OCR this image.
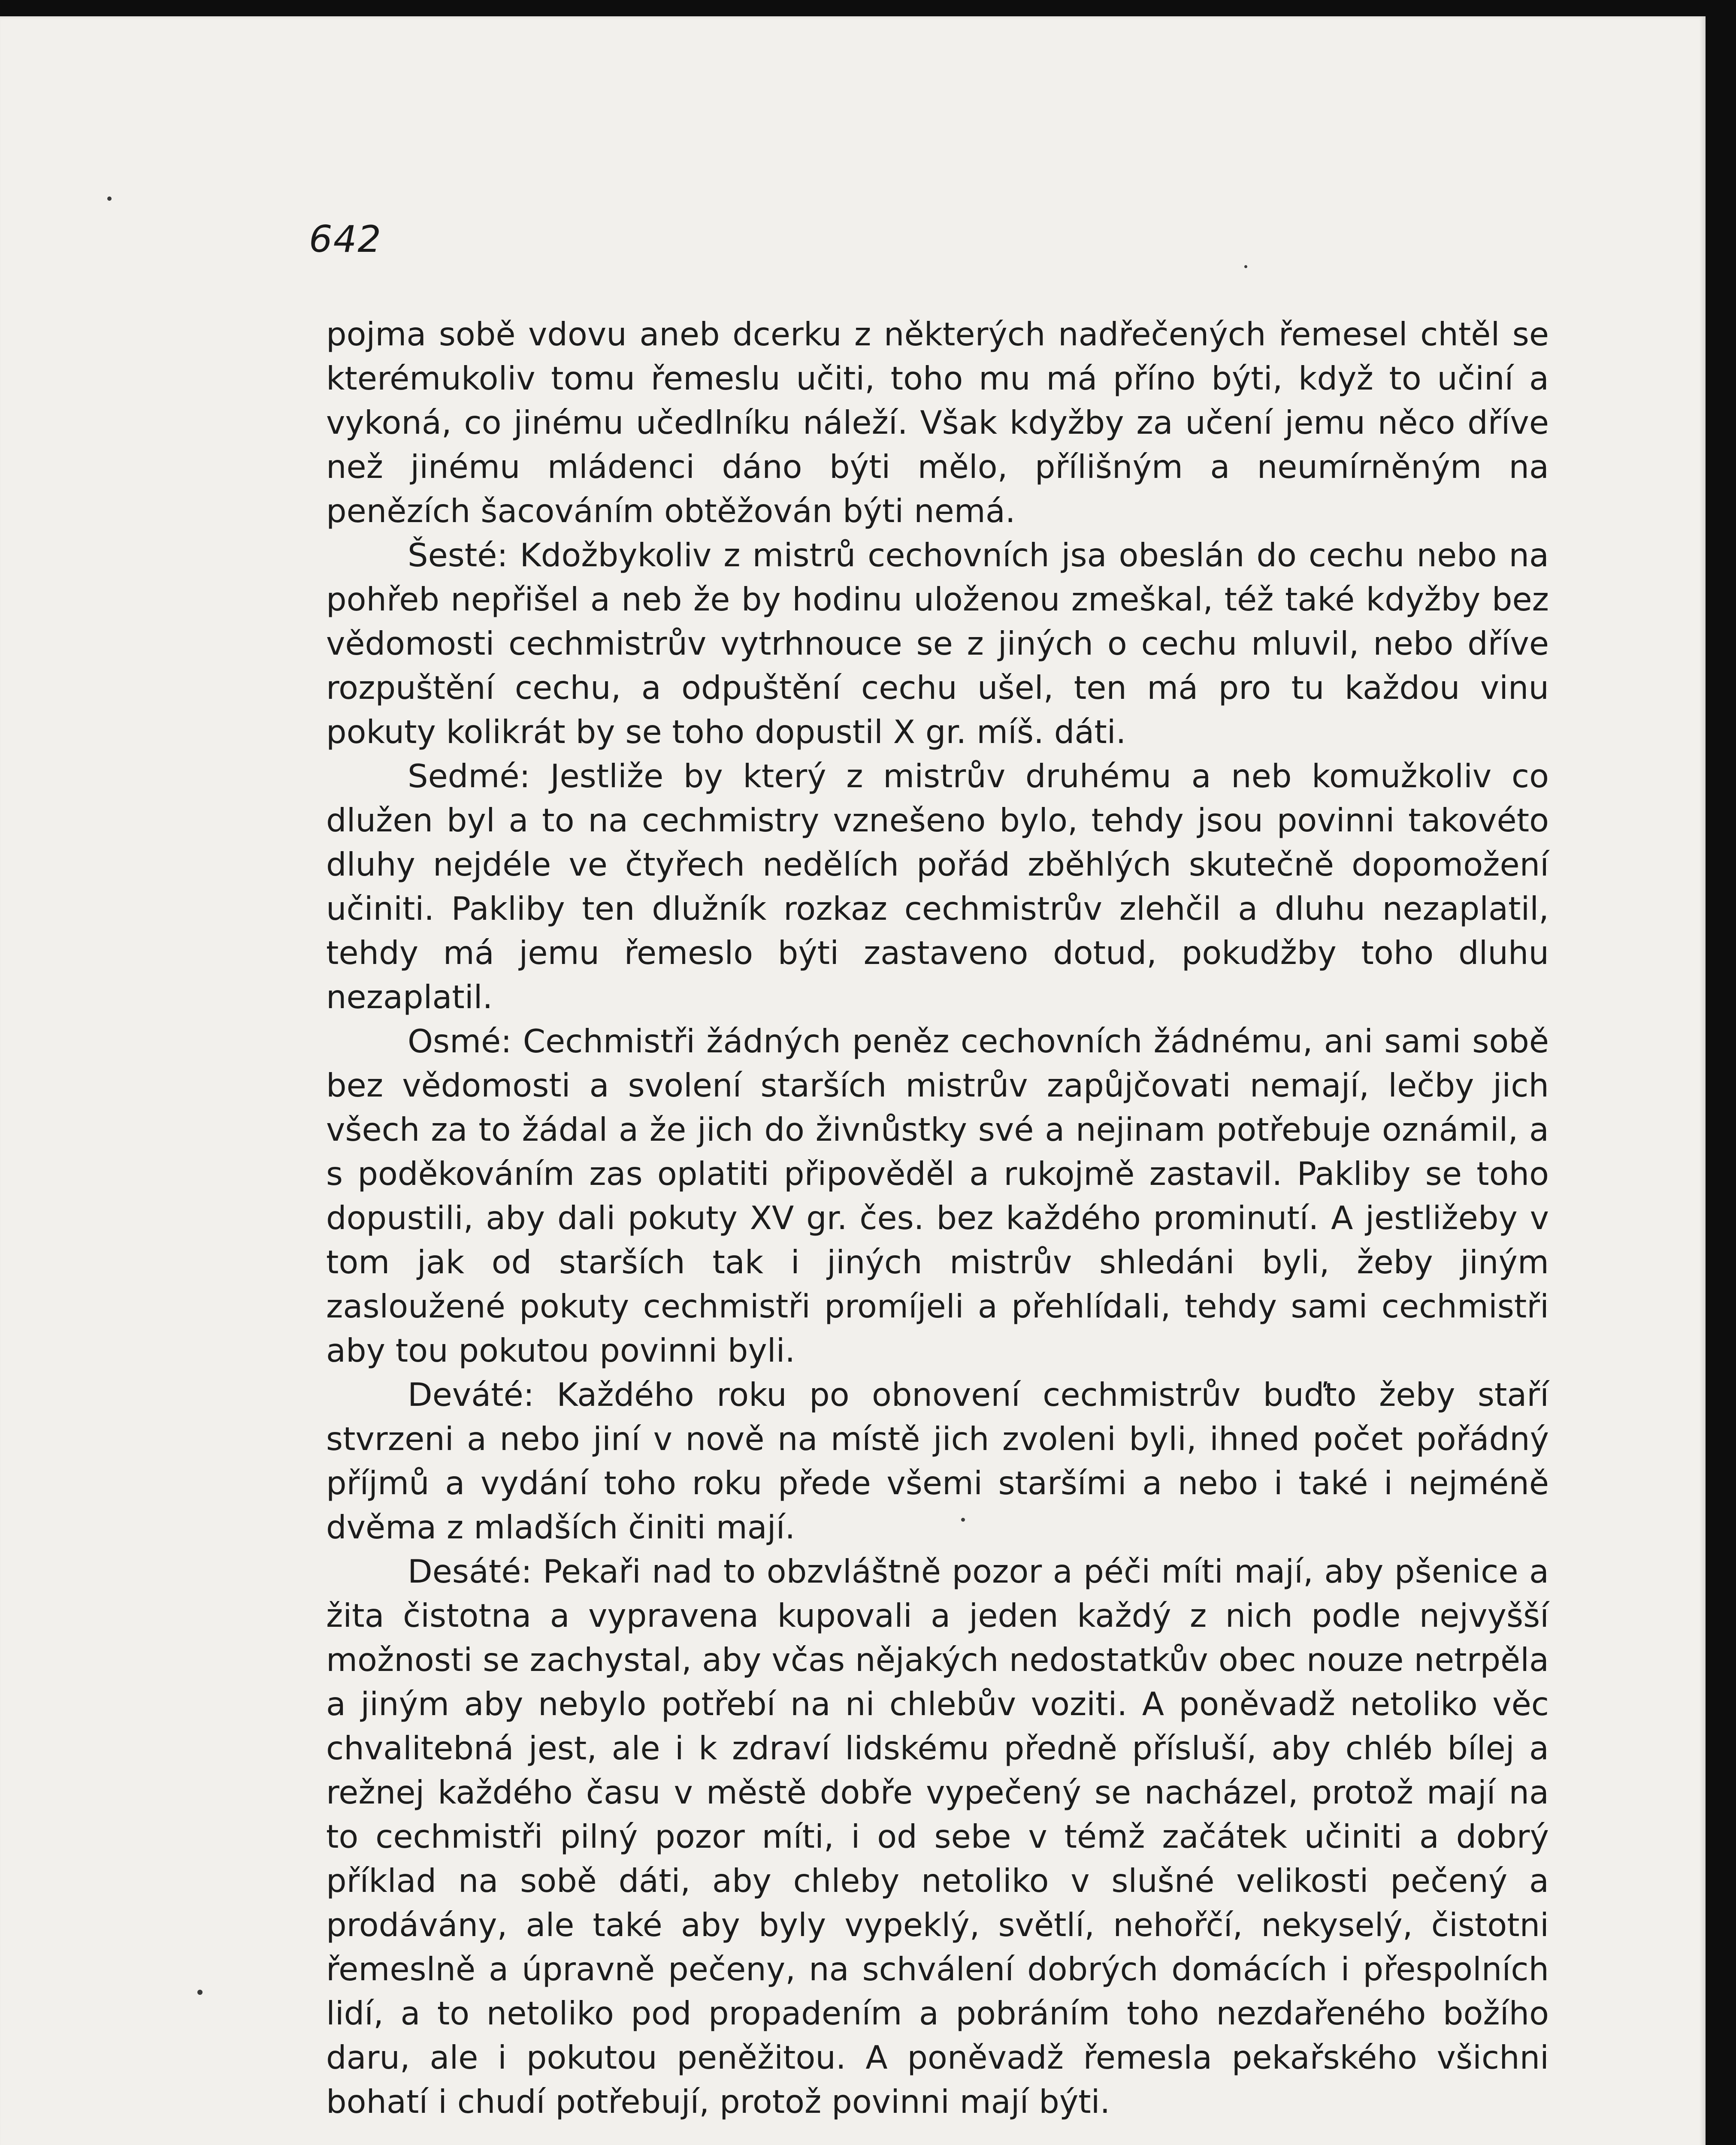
642

pojma sobě vdovu aneb dcerku z některých nadřečených řemesel chtěl se kterémukoliv tomu řemeslu učiti, toho mu má příno býti, když to učiní a vykoná, co jinému učedlníku náleží. Však kdyžby za učení jemu něco dříve než jinému mládenci dáno býti mělo, přílišným a neumírněným na penězích šacováním obtěžován býti nemá.

Šesté: Kdožbykoliv z mistrů cechovních jsa obeslán do cechu nebo na pohřeb nepřišel a neb že by hodinu uloženou zmeškal, též také kdyžby bez vědomosti cechmistrův vytrhnouce se z jiných o cechu mluvil, nebo dříve rozpuštění cechu, a odpuštění cechu ušel, ten má pro tu každou vinu pokuty kolikrát by se toho dopustil X gr. míš. dáti.

Sedmé: Jestliže by který z mistrův druhému a neb komužkoliv co dlužen byl a to na cechmistry vznešeno bylo, tehdy jsou povinni takovéto dluhy nejdéle ve čtyřech nedělích pořád zběhlých skutečně dopomožení učiniti. Pakliby ten dlužník rozkaz cechmistrův zlehčil a dluhu nezaplatil, tehdy má jemu řemeslo býti zastaveno dotud, pokudžby toho dluhu nezaplatil.

Osmé: Cechmistři žádných peněz cechovních žádnému, ani sami sobě bez vědomosti a svolení starších mistrův zapůjčovati nemají, lečby jich všech za to žádal a že jich do živnůstky své a nejinam potřebuje oznámil, a s poděkováním zas oplatiti připověděl a rukojmě zastavil. Pakliby se toho dopustili, aby dali pokuty XV gr. čes. bez každého prominutí. A jestližeby v tom jak od starších tak i jiných mistrův shledáni byli, žeby jiným zasloužené pokuty cechmistři promíjeli a přehlídali, tehdy sami cechmistři aby tou pokutou povinni byli.

Deváté: Každého roku po obnovení cechmistrův buďto žeby staří stvrzeni a nebo jiní v nově na místě jich zvoleni byli, ihned počet pořádný příjmů a vydání toho roku přede všemi staršími a nebo i také i nejméně dvěma z mladších činiti mají.

Desáté: Pekaři nad to obzvláštně pozor a péči míti mají, aby pšenice a žita čistotna a vypravena kupovali a jeden každý z nich podle nejvyšší možnosti se zachystal, aby včas nějakých nedostatkův obec nouze netrpěla a jiným aby nebylo potřebí na ni chlebův voziti. A poněvadž netoliko věc chvalitebná jest, ale i k zdraví lidskému předně přísluší, aby chléb bílej a režnej každého času v městě dobře vypečený se nacházel, protož mají na to cechmistři pilný pozor míti, i od sebe v témž začátek učiniti a dobrý příklad na sobě dáti, aby chleby netoliko v slušné velikosti pečený a prodávány, ale také aby byly vypeklý, světlí, nehořčí, nekyselý, čistotni řemeslně a úpravně pečeny, na schválení dobrých domácích i přespolních lidí, a to netoliko pod propadením a pobráním toho nezdařeného božího daru, ale i pokutou peněžitou. A poněvadž řemesla pekařského všichni bohatí i chudí potřebují, protož povinni mají býti.
